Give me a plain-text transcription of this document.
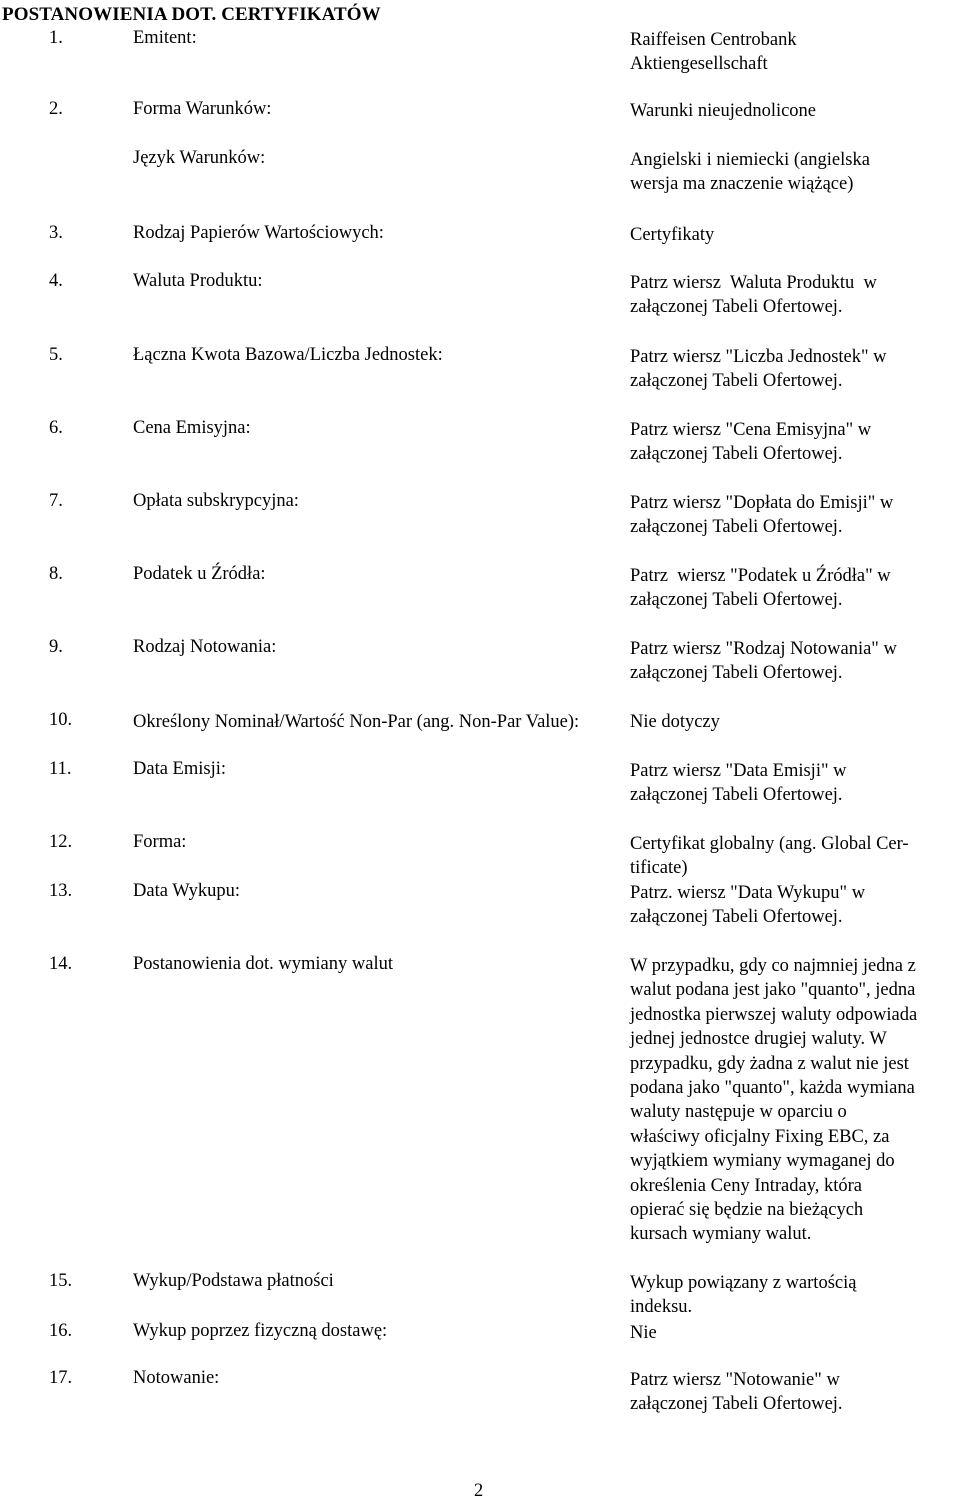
POSTANOWIENIA DOT. CERTYFIKATÓW
1.	Emitent:	Raiffeisen Centrobank
Aktiengesellschaft
2.	Forma Warunków:	Warunki nieujednolicone
Język Warunków:	Angielski i niemiecki (angielska
wersja ma znaczenie wiążące)
3.	Rodzaj Papierów Wartościowych:	Certyfikaty
4.	Waluta Produktu:	Patrz wiersz  Waluta Produktu  w
załączonej Tabeli Ofertowej.
5.	Łączna Kwota Bazowa/Liczba Jednostek:	Patrz wiersz "Liczba Jednostek" w
załączonej Tabeli Ofertowej.
6.	Cena Emisyjna:	Patrz wiersz "Cena Emisyjna" w
załączonej Tabeli Ofertowej.
7.	Opłata subskrypcyjna:	Patrz wiersz "Dopłata do Emisji" w
załączonej Tabeli Ofertowej.
8.	Podatek u Źródła:	Patrz  wiersz "Podatek u Źródła" w
załączonej Tabeli Ofertowej.
9.	Rodzaj Notowania:	Patrz wiersz "Rodzaj Notowania" w
załączonej Tabeli Ofertowej.
10.	Określony Nominał/Wartość Non-Par (ang. Non-Par Value):	Nie dotyczy
11.	Data Emisji:	Patrz wiersz "Data Emisji" w
załączonej Tabeli Ofertowej.
12.	Forma:	Certyfikat globalny (ang. Global Cer-
tificate)
13.	Data Wykupu:	Patrz. wiersz "Data Wykupu" w
załączonej Tabeli Ofertowej.
14.	Postanowienia dot. wymiany walut	W przypadku, gdy co najmniej jedna z
walut podana jest jako "quanto", jedna
jednostka pierwszej waluty odpowiada
jednej jednostce drugiej waluty. W
przypadku, gdy żadna z walut nie jest
podana jako "quanto", każda wymiana
waluty następuje w oparciu o
właściwy oficjalny Fixing EBC, za
wyjątkiem wymiany wymaganej do
określenia Ceny Intraday, która
opierać się będzie na bieżących
kursach wymiany walut.
15.	Wykup/Podstawa płatności	Wykup powiązany z wartością
indeksu.
16.	Wykup poprzez fizyczną dostawę:	Nie
17.	Notowanie:	Patrz wiersz "Notowanie" w
załączonej Tabeli Ofertowej.
2
